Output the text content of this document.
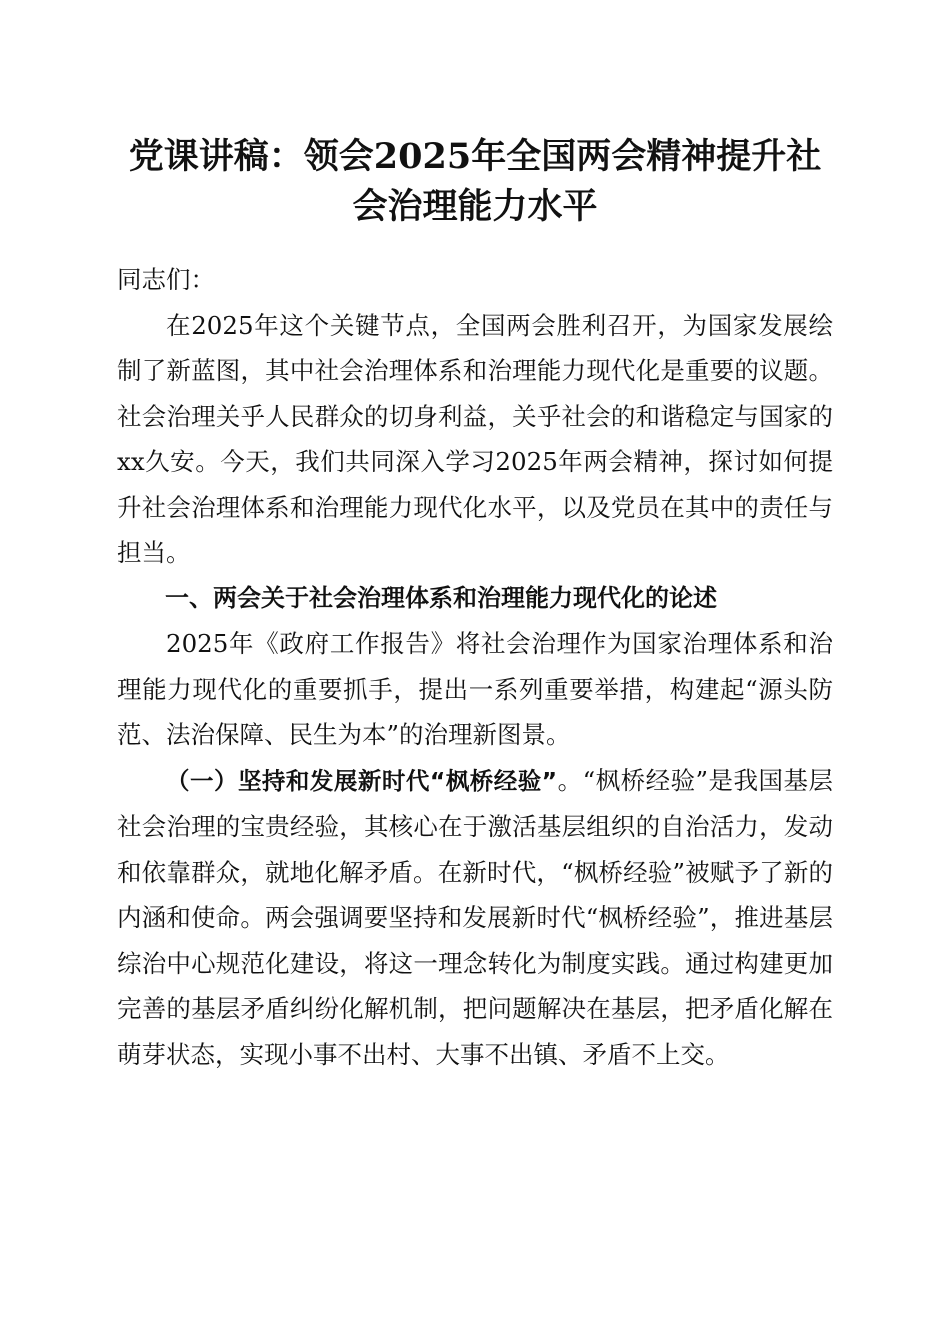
党课讲稿：领会2025年全国两会精神提升社
会治理能力水平

同志们：

在2025年这个关键节点，全国两会胜利召开，为国家发展绘制了新蓝图，其中社会治理体系和治理能力现代化是重要的议题。社会治理关乎人民群众的切身利益，关乎社会的和谐稳定与国家的xx久安。今天，我们共同深入学习2025年两会精神，探讨如何提升社会治理体系和治理能力现代化水平，以及党员在其中的责任与担当。

一、两会关于社会治理体系和治理能力现代化的论述

2025年《政府工作报告》将社会治理作为国家治理体系和治理能力现代化的重要抓手，提出一系列重要举措，构建起“源头防范、法治保障、民生为本”的治理新图景。

（一）坚持和发展新时代“枫桥经验”。“枫桥经验”是我国基层社会治理的宝贵经验，其核心在于激活基层组织的自治活力，发动和依靠群众，就地化解矛盾。在新时代，“枫桥经验”被赋予了新的内涵和使命。两会强调要坚持和发展新时代“枫桥经验”，推进基层综治中心规范化建设，将这一理念转化为制度实践。通过构建更加完善的基层矛盾纠纷化解机制，把问题解决在基层，把矛盾化解在萌芽状态，实现小事不出村、大事不出镇、矛盾不上交。
